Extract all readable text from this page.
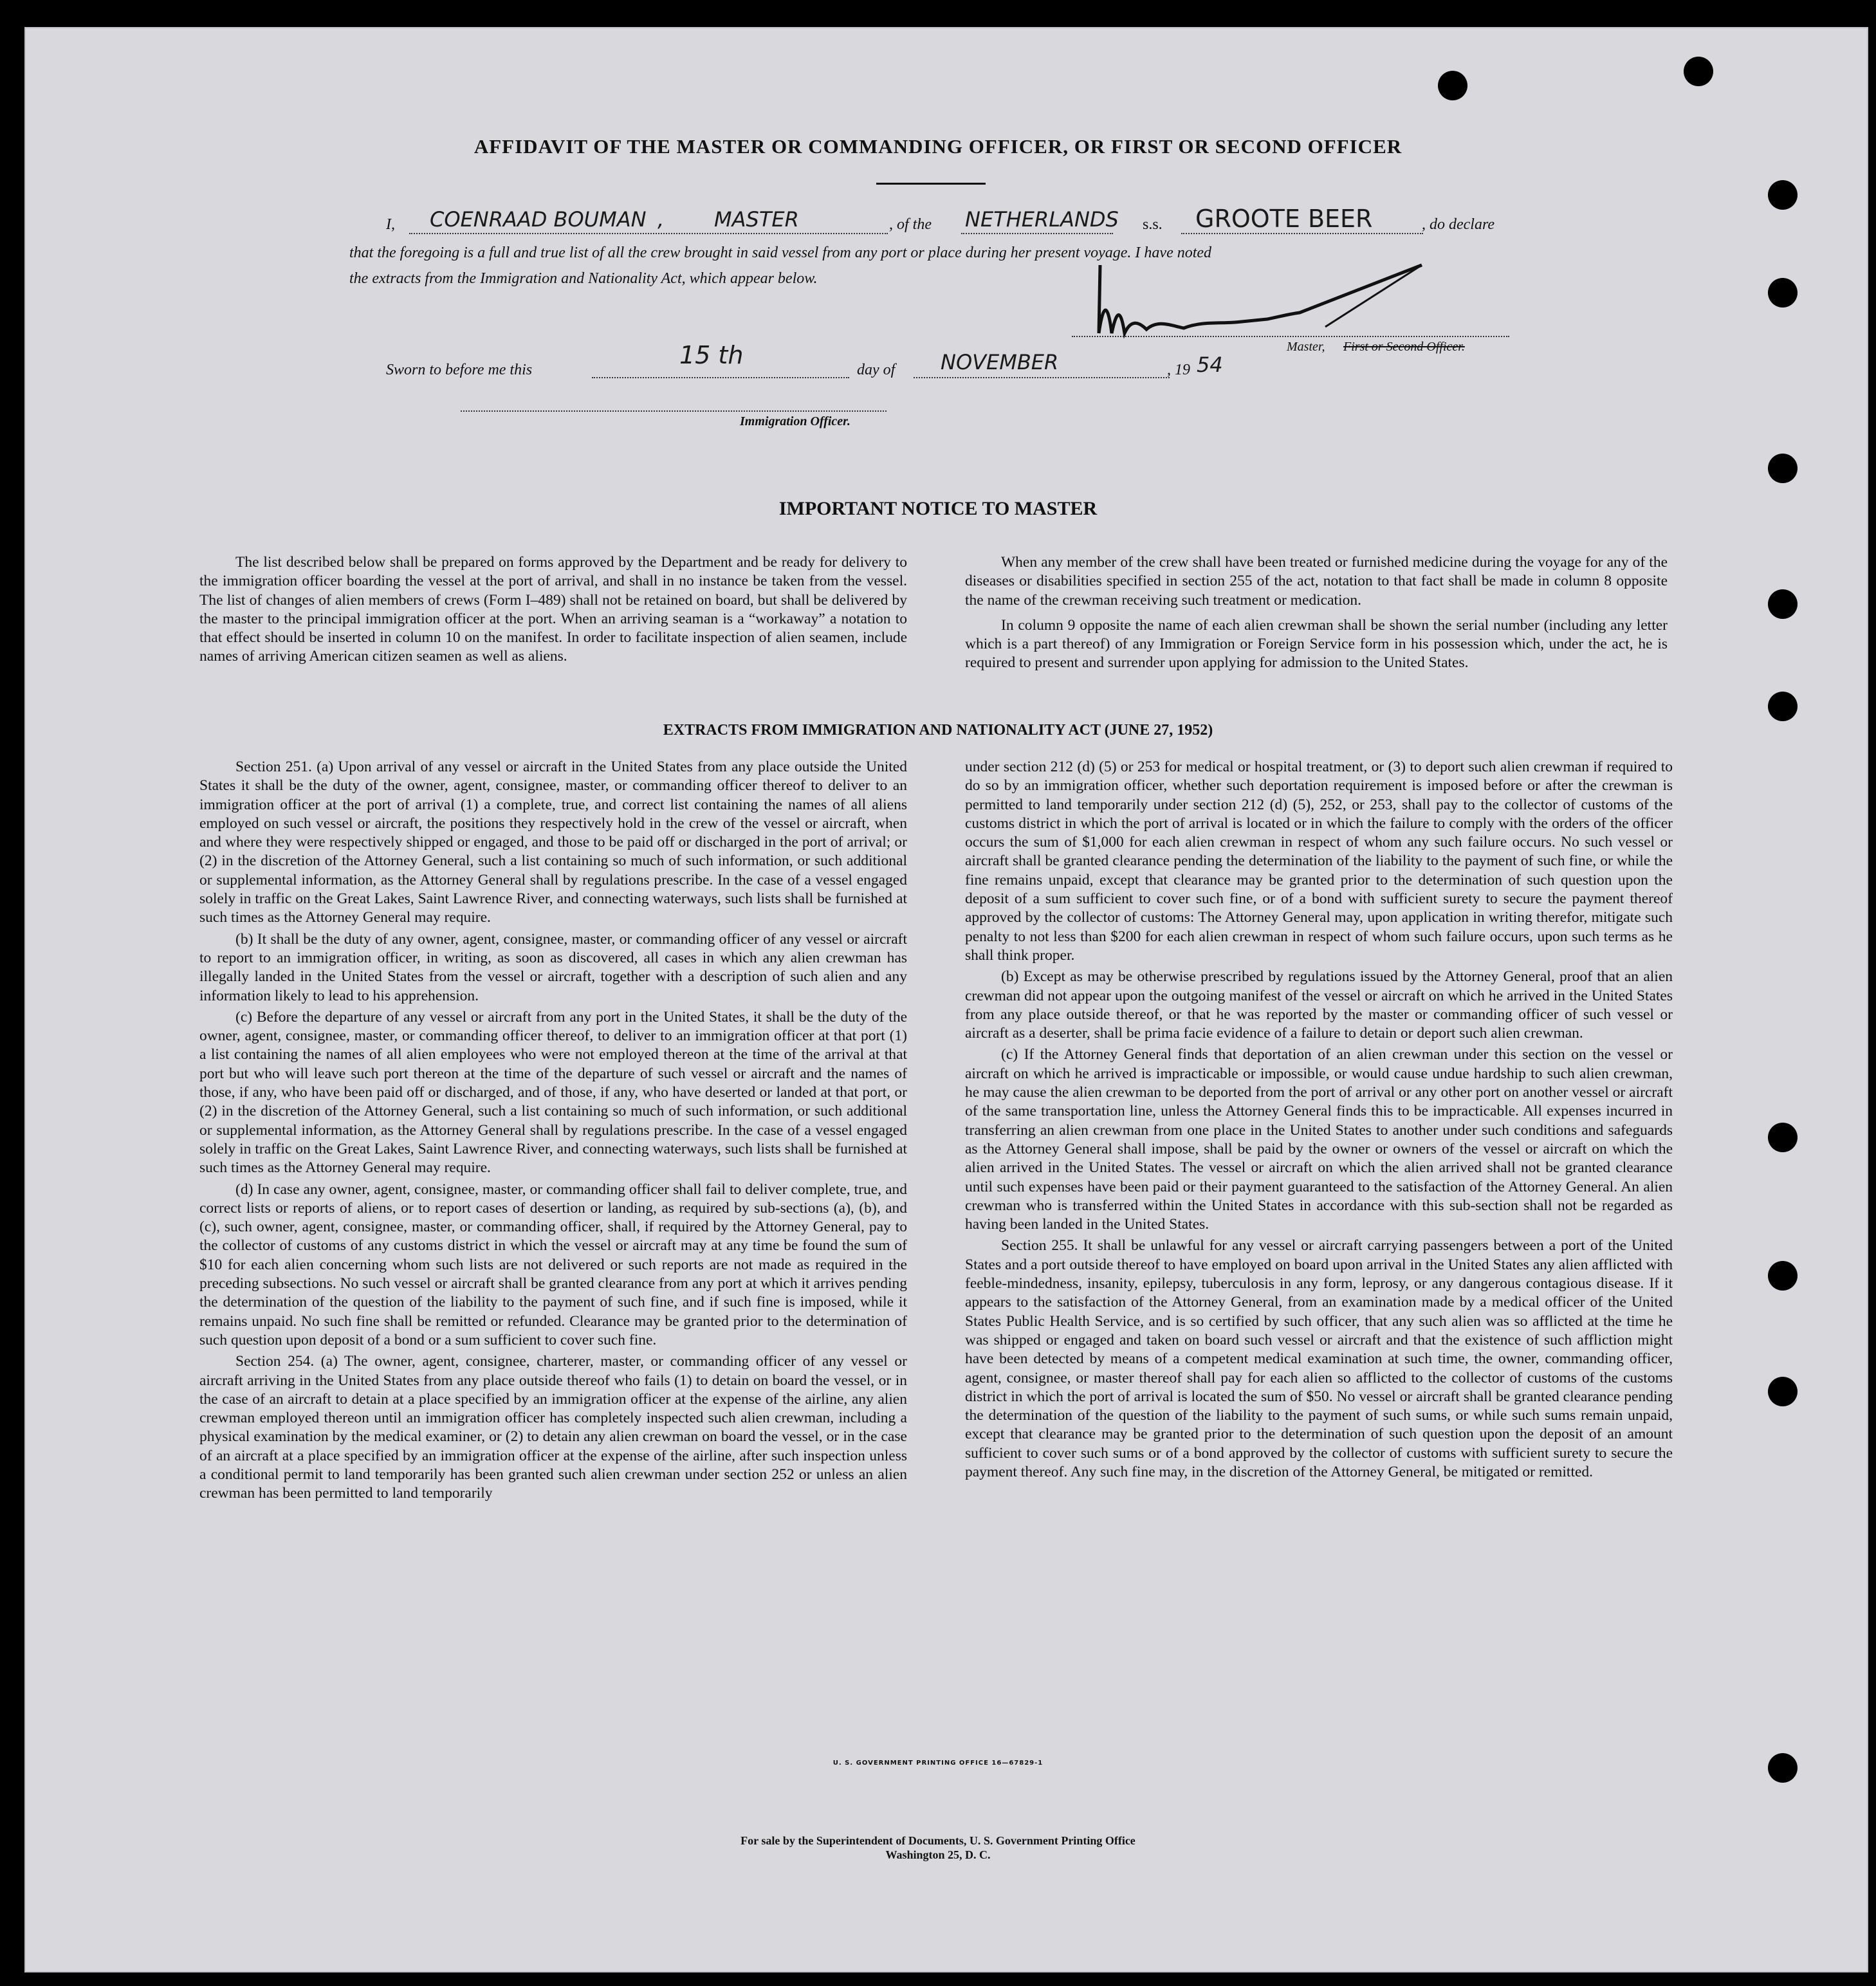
AFFIDAVIT OF THE MASTER OR COMMANDING OFFICER, OR FIRST OR SECOND OFFICER
I, COENRAAD BOUMAN , MASTER	, of the NETHERLANDS s.s. GROOTE BEER	, do declare
that the foregoing is a full and true list of all the crew brought in said vessel from any port or place during her present voyage. I have noted
the extracts from the Immigration and Nationality Act, which appear below.
Master, First or Second Officer.
Sworn to before me this
15 th
day of NOVEMBER	, 19 54
Immigration Officer.
IMPORTANT NOTICE TO MASTER

The list described below shall be prepared on forms approved by the Department and be ready for delivery to the immigration officer boarding the vessel at the port of arrival, and shall in no instance be taken from the vessel. The list of changes of alien members of crews (Form I–489) shall not be retained on board, but shall be delivered by the master to the principal immigration officer at the port. When an arriving seaman is a “workaway” a notation to that effect should be inserted in column 10 on the manifest. In order to facilitate inspection of alien seamen, include names of arriving American citizen seamen as well as aliens.

When any member of the crew shall have been treated or furnished medicine during the voyage for any of the diseases or disabilities specified in section 255 of the act, notation to that fact shall be made in column 8 opposite the name of the crewman receiving such treatment or medication.

In column 9 opposite the name of each alien crewman shall be shown the serial number (including any letter which is a part thereof) of any Immigration or Foreign Service form in his possession which, under the act, he is required to present and surrender upon applying for admission to the United States.

EXTRACTS FROM IMMIGRATION AND NATIONALITY ACT (JUNE 27, 1952)

Section 251. (a) Upon arrival of any vessel or aircraft in the United States from any place outside the United States it shall be the duty of the owner, agent, consignee, master, or commanding officer thereof to deliver to an immigration officer at the port of arrival (1) a complete, true, and correct list containing the names of all aliens employed on such vessel or aircraft, the positions they respectively hold in the crew of the vessel or aircraft, when and where they were respectively shipped or engaged, and those to be paid off or discharged in the port of arrival; or (2) in the discretion of the Attorney General, such a list containing so much of such information, or such additional or supplemental information, as the Attorney General shall by regulations prescribe. In the case of a vessel engaged solely in traffic on the Great Lakes, Saint Lawrence River, and connecting waterways, such lists shall be furnished at such times as the Attorney General may require.

(b) It shall be the duty of any owner, agent, consignee, master, or commanding officer of any vessel or aircraft to report to an immigration officer, in writing, as soon as discovered, all cases in which any alien crewman has illegally landed in the United States from the vessel or aircraft, together with a description of such alien and any information likely to lead to his apprehension.

(c) Before the departure of any vessel or aircraft from any port in the United States, it shall be the duty of the owner, agent, consignee, master, or commanding officer thereof, to deliver to an immigration officer at that port (1) a list containing the names of all alien employees who were not employed thereon at the time of the arrival at that port but who will leave such port thereon at the time of the departure of such vessel or aircraft and the names of those, if any, who have been paid off or discharged, and of those, if any, who have deserted or landed at that port, or (2) in the discretion of the Attorney General, such a list containing so much of such information, or such additional or supplemental information, as the Attorney General shall by regulations prescribe. In the case of a vessel engaged solely in traffic on the Great Lakes, Saint Lawrence River, and connecting waterways, such lists shall be furnished at such times as the Attorney General may require.

(d) In case any owner, agent, consignee, master, or commanding officer shall fail to deliver complete, true, and correct lists or reports of aliens, or to report cases of desertion or landing, as required by sub-sections (a), (b), and (c), such owner, agent, consignee, master, or commanding officer, shall, if required by the Attorney General, pay to the collector of customs of any customs district in which the vessel or aircraft may at any time be found the sum of $10 for each alien concerning whom such lists are not delivered or such reports are not made as required in the preceding subsections. No such vessel or aircraft shall be granted clearance from any port at which it arrives pending the determination of the question of the liability to the payment of such fine, and if such fine is imposed, while it remains unpaid. No such fine shall be remitted or refunded. Clearance may be granted prior to the determination of such question upon deposit of a bond or a sum sufficient to cover such fine.

Section 254. (a) The owner, agent, consignee, charterer, master, or commanding officer of any vessel or aircraft arriving in the United States from any place outside thereof who fails (1) to detain on board the vessel, or in the case of an aircraft to detain at a place specified by an immigration officer at the expense of the airline, any alien crewman employed thereon until an immigration officer has completely inspected such alien crewman, including a physical examination by the medical examiner, or (2) to detain any alien crewman on board the vessel, or in the case of an aircraft at a place specified by an immigration officer at the expense of the airline, after such inspection unless a conditional permit to land temporarily has been granted such alien crewman under section 252 or unless an alien crewman has been permitted to land temporarily

under section 212 (d) (5) or 253 for medical or hospital treatment, or (3) to deport such alien crewman if required to do so by an immigration officer, whether such deportation requirement is imposed before or after the crewman is permitted to land temporarily under section 212 (d) (5), 252, or 253, shall pay to the collector of customs of the customs district in which the port of arrival is located or in which the failure to comply with the orders of the officer occurs the sum of $1,000 for each alien crewman in respect of whom any such failure occurs. No such vessel or aircraft shall be granted clearance pending the determination of the liability to the payment of such fine, or while the fine remains unpaid, except that clearance may be granted prior to the determination of such question upon the deposit of a sum sufficient to cover such fine, or of a bond with sufficient surety to secure the payment thereof approved by the collector of customs: The Attorney General may, upon application in writing therefor, mitigate such penalty to not less than $200 for each alien crewman in respect of whom such failure occurs, upon such terms as he shall think proper.

(b) Except as may be otherwise prescribed by regulations issued by the Attorney General, proof that an alien crewman did not appear upon the outgoing manifest of the vessel or aircraft on which he arrived in the United States from any place outside thereof, or that he was reported by the master or commanding officer of such vessel or aircraft as a deserter, shall be prima facie evidence of a failure to detain or deport such alien crewman.

(c) If the Attorney General finds that deportation of an alien crewman under this section on the vessel or aircraft on which he arrived is impracticable or impossible, or would cause undue hardship to such alien crewman, he may cause the alien crewman to be deported from the port of arrival or any other port on another vessel or aircraft of the same transportation line, unless the Attorney General finds this to be impracticable. All expenses incurred in transferring an alien crewman from one place in the United States to another under such conditions and safeguards as the Attorney General shall impose, shall be paid by the owner or owners of the vessel or aircraft on which the alien arrived in the United States. The vessel or aircraft on which the alien arrived shall not be granted clearance until such expenses have been paid or their payment guaranteed to the satisfaction of the Attorney General. An alien crewman who is transferred within the United States in accordance with this sub-section shall not be regarded as having been landed in the United States.

Section 255. It shall be unlawful for any vessel or aircraft carrying passengers between a port of the United States and a port outside thereof to have employed on board upon arrival in the United States any alien afflicted with feeble-mindedness, insanity, epilepsy, tuberculosis in any form, leprosy, or any dangerous contagious disease. If it appears to the satisfaction of the Attorney General, from an examination made by a medical officer of the United States Public Health Service, and is so certified by such officer, that any such alien was so afflicted at the time he was shipped or engaged and taken on board such vessel or aircraft and that the existence of such affliction might have been detected by means of a competent medical examination at such time, the owner, commanding officer, agent, consignee, or master thereof shall pay for each alien so afflicted to the collector of customs of the customs district in which the port of arrival is located the sum of $50. No vessel or aircraft shall be granted clearance pending the determination of the question of the liability to the payment of such sums, or while such sums remain unpaid, except that clearance may be granted prior to the determination of such question upon the deposit of an amount sufficient to cover such sums or of a bond approved by the collector of customs with sufficient surety to secure the payment thereof. Any such fine may, in the discretion of the Attorney General, be mitigated or remitted.

U. S. GOVERNMENT PRINTING OFFICE 16—67829-1
For sale by the Superintendent of Documents, U. S. Government Printing Office
Washington 25, D. C.
